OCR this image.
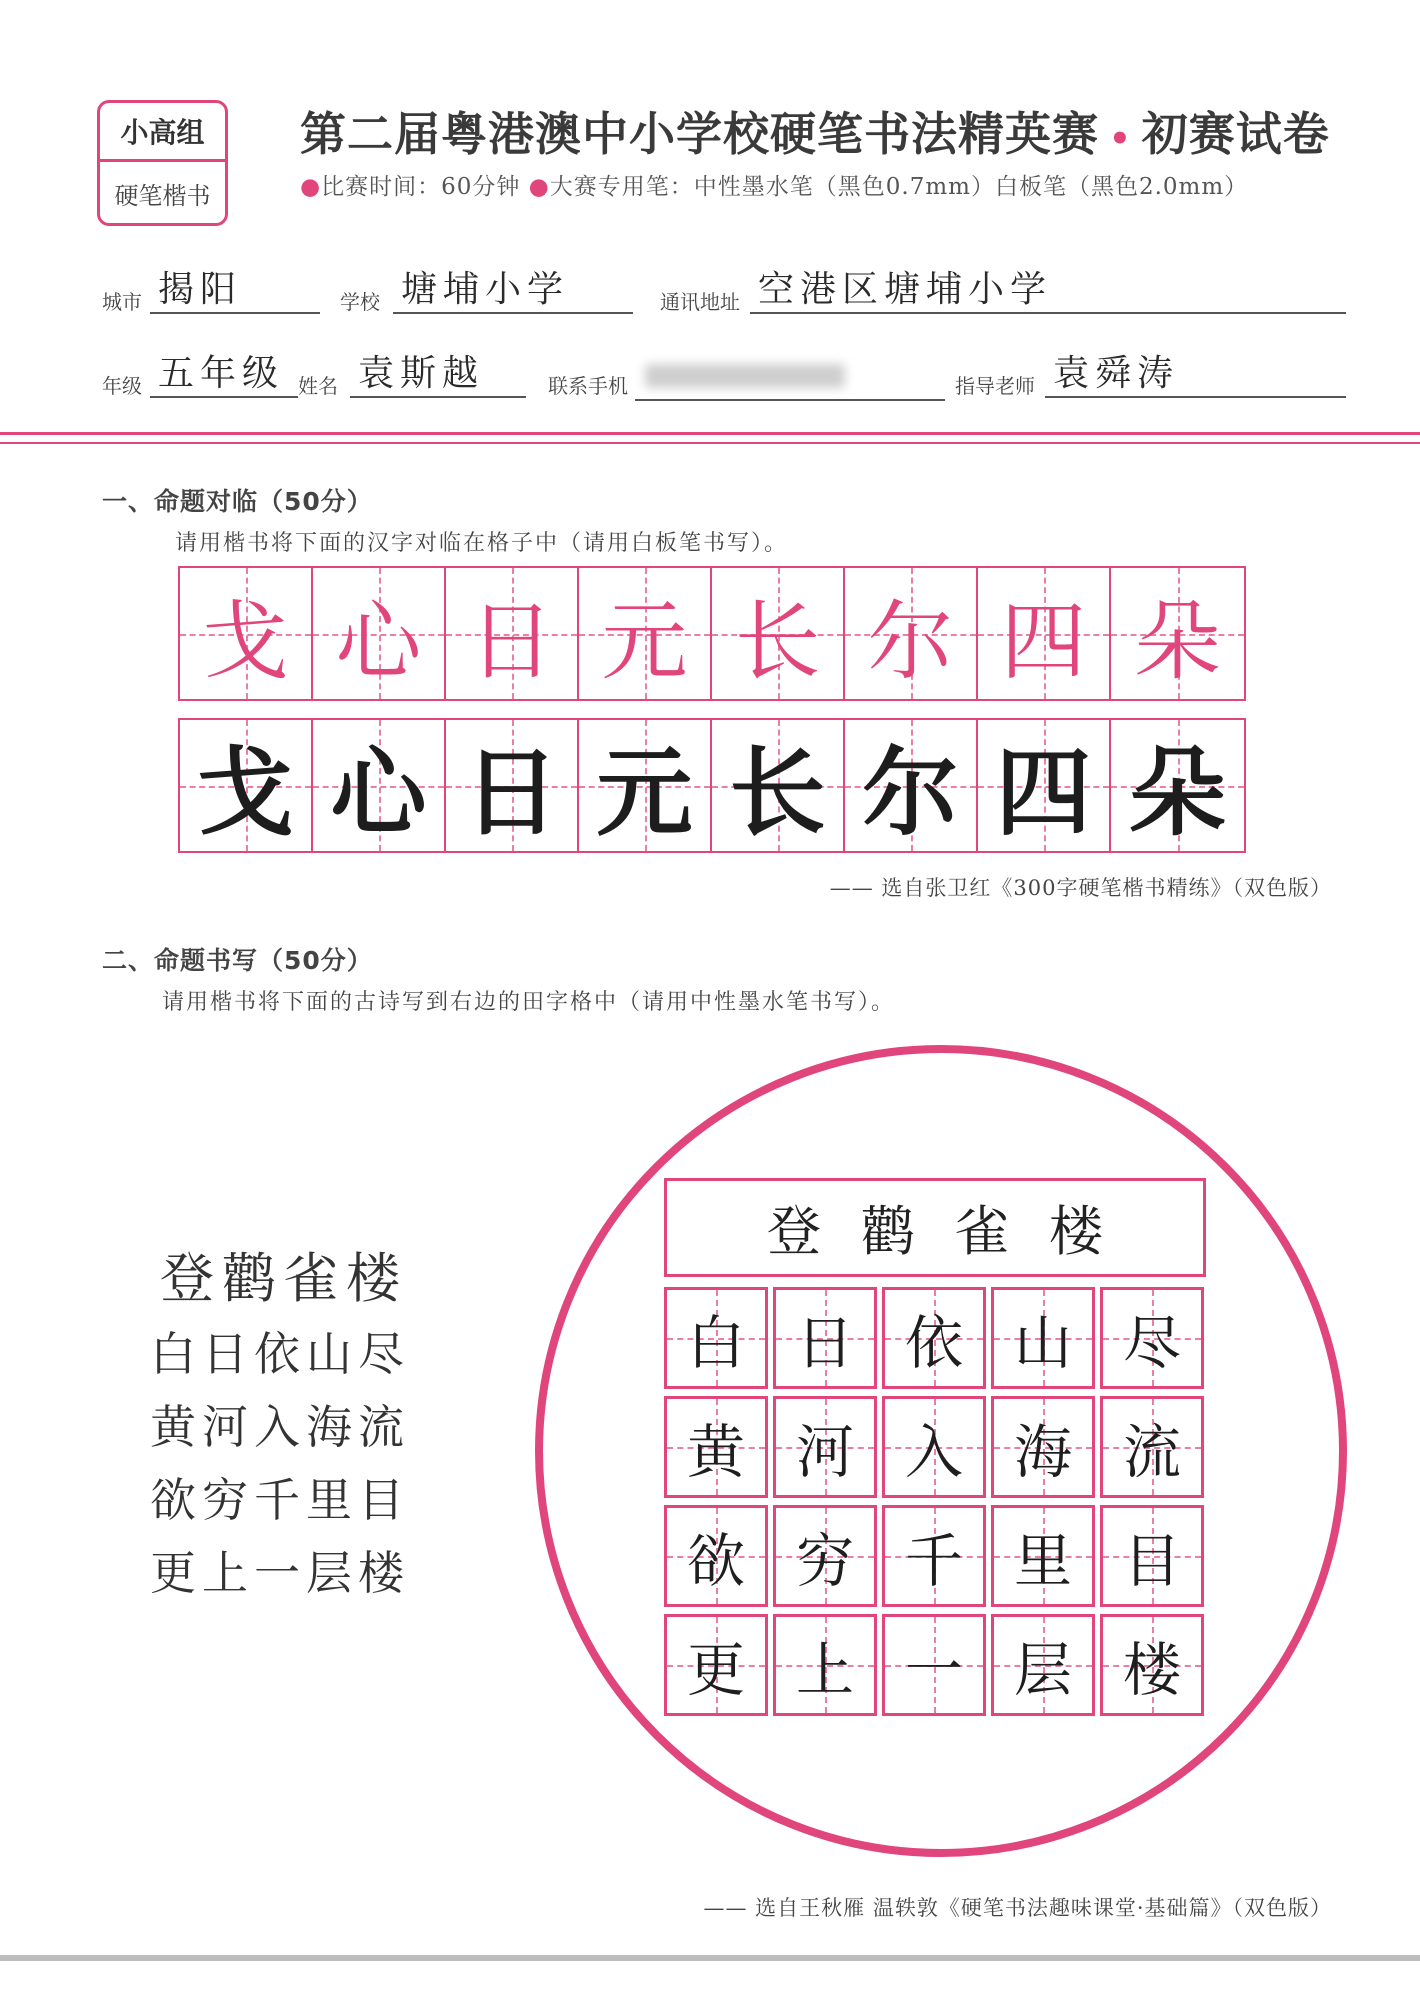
小高组
硬笔楷书
第二届粤港澳中小学校硬笔书法精英赛 • 初赛试卷
●比赛时间：60分钟 ●大赛专用笔：中性墨水笔（黑色0.7mm）白板笔（黑色2.0mm）
城市 揭阳	学校 塘埔小学	通讯地址 空港区塘埔小学
年级 五年级 姓名 袁斯越	联系手机	指导老师 袁舜涛
一、命题对临（50分）
请用楷书将下面的汉字对临在格子中（请用白板笔书写）。
戈 心 日 元 长 尔 四 朵
戈 心 日 元 长 尔 四 朵
—— 选自张卫红《300字硬笔楷书精练》（双色版）
二、命题书写（50分）
请用楷书将下面的古诗写到右边的田字格中（请用中性墨水笔书写）。
登鹳雀楼
白日依山尽
黄河入海流
欲穷千里目
更上一层楼
登鹳雀楼
白 日 依 山 尽
黄 河 入 海 流
欲 穷 千 里 目
更 上 一 层 楼
—— 选自王秋雁 温轶敦《硬笔书法趣味课堂·基础篇》（双色版）
